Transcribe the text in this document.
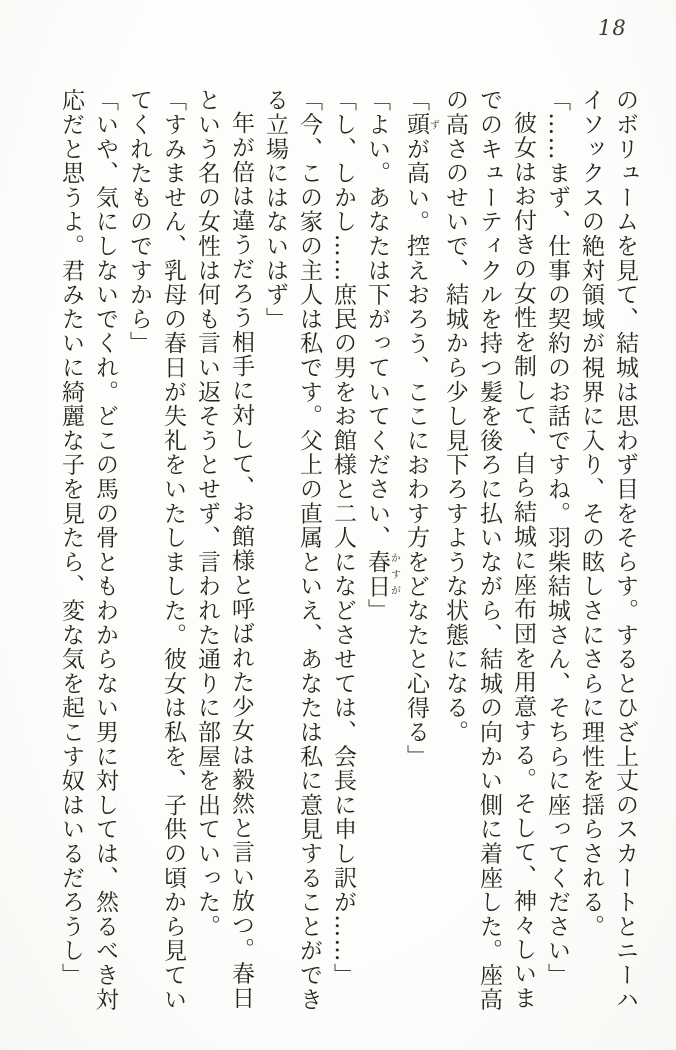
18
のボリュームを見て、結城は思わず目をそらす。するとひざ上丈のスカートとニーハ
イソックスの絶対領域が視界に入り、その眩しさにさらに理性を揺らされる。
「……まず、仕事の契約のお話ですね。羽柴結城さん、そちらに座ってください」
彼女はお付きの女性を制して、自ら結城に座布団を用意する。そして、神々しいま
でのキューティクルを持つ髪を後ろに払いながら、結城の向かい側に着座した。座高
の高さのせいで、結城から少し見下ろすような状態になる。
「頭ずが高い。控えおろう、ここにおわす方をどなたと心得る」
「よい。あなたは下がっていてください、春日かすが」
「し、しかし……庶民の男をお館様と二人になどさせては、会長に申し訳が……」
「今、この家の主人は私です。父上の直属といえ、あなたは私に意見することができ
る立場にはないはず」
年が倍は違うだろう相手に対して、お館様と呼ばれた少女は毅然と言い放つ。春日
という名の女性は何も言い返そうとせず、言われた通りに部屋を出ていった。
「すみません、乳母の春日が失礼をいたしました。彼女は私を、子供の頃から見てい
てくれたものですから」
「いや、気にしないでくれ。どこの馬の骨ともわからない男に対しては、然るべき対
応だと思うよ。君みたいに綺麗な子を見たら、変な気を起こす奴はいるだろうし」
